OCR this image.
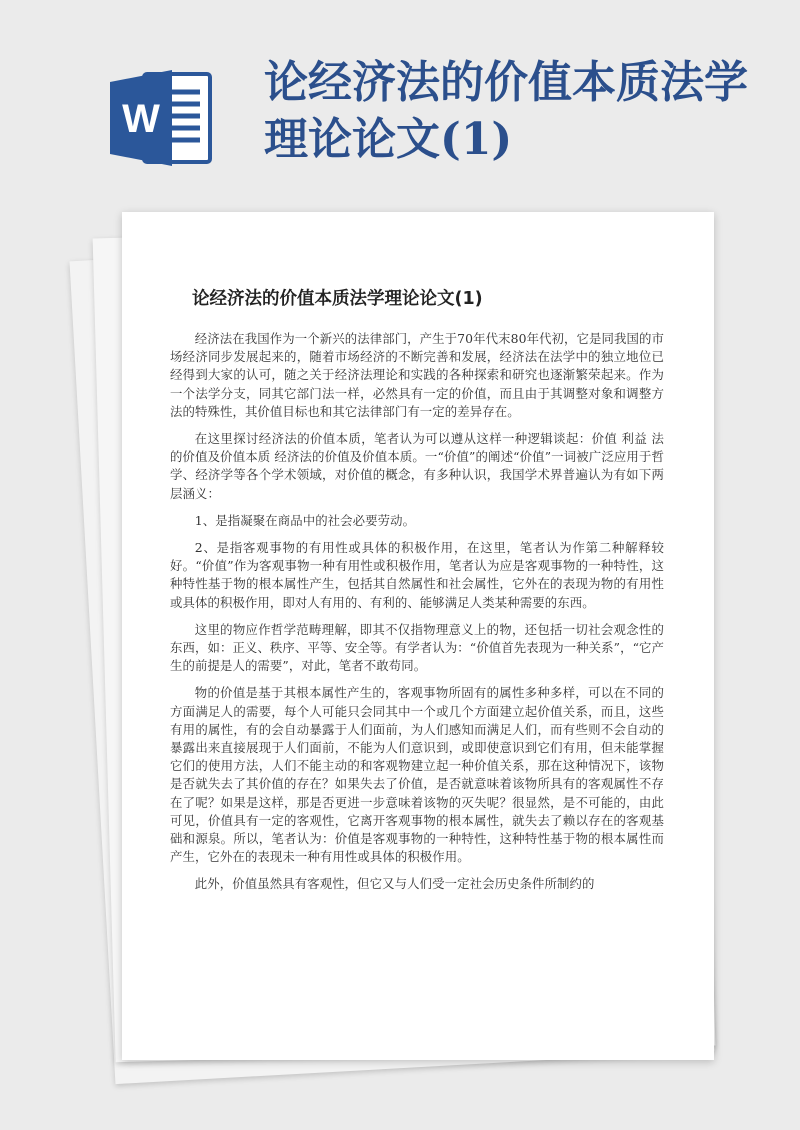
W
论经济法的价值本质法学理论论文(1)
论经济法的价值本质法学理论论文(1)

经济法在我国作为一个新兴的法律部门，产生于70年代末80年代初，它是同我国的市场经济同步发展起来的，随着市场经济的不断完善和发展，经济法在法学中的独立地位已经得到大家的认可，随之关于经济法理论和实践的各种探索和研究也逐渐繁荣起来。作为一个法学分支，同其它部门法一样，必然具有一定的价值，而且由于其调整对象和调整方法的特殊性，其价值目标也和其它法律部门有一定的差异存在。

在这里探讨经济法的价值本质，笔者认为可以遵从这样一种逻辑谈起：价值 利益 法的价值及价值本质 经济法的价值及价值本质。一“价值”的阐述“价值”一词被广泛应用于哲学、经济学等各个学术领域，对价值的概念，有多种认识，我国学术界普遍认为有如下两层涵义：

1、是指凝聚在商品中的社会必要劳动。

2、是指客观事物的有用性或具体的积极作用，在这里，笔者认为作第二种解释较好。“价值”作为客观事物一种有用性或积极作用，笔者认为应是客观事物的一种特性，这种特性基于物的根本属性产生，包括其自然属性和社会属性，它外在的表现为物的有用性或具体的积极作用，即对人有用的、有利的、能够满足人类某种需要的东西。

这里的物应作哲学范畴理解，即其不仅指物理意义上的物，还包括一切社会观念性的东西，如：正义、秩序、平等、安全等。有学者认为：“价值首先表现为一种关系”，“它产生的前提是人的需要”，对此，笔者不敢苟同。

物的价值是基于其根本属性产生的，客观事物所固有的属性多种多样，可以在不同的方面满足人的需要，每个人可能只会同其中一个或几个方面建立起价值关系，而且，这些有用的属性，有的会自动暴露于人们面前，为人们感知而满足人们，而有些则不会自动的暴露出来直接展现于人们面前，不能为人们意识到，或即使意识到它们有用，但未能掌握它们的使用方法，人们不能主动的和客观物建立起一种价值关系，那在这种情况下，该物是否就失去了其价值的存在？如果失去了价值，是否就意味着该物所具有的客观属性不存在了呢？如果是这样，那是否更进一步意味着该物的灭失呢？很显然，是不可能的，由此可见，价值具有一定的客观性，它离开客观事物的根本属性，就失去了赖以存在的客观基础和源泉。所以，笔者认为：价值是客观事物的一种特性，这种特性基于物的根本属性而产生，它外在的表现未一种有用性或具体的积极作用。

此外，价值虽然具有客观性，但它又与人们受一定社会历史条件所制约的
